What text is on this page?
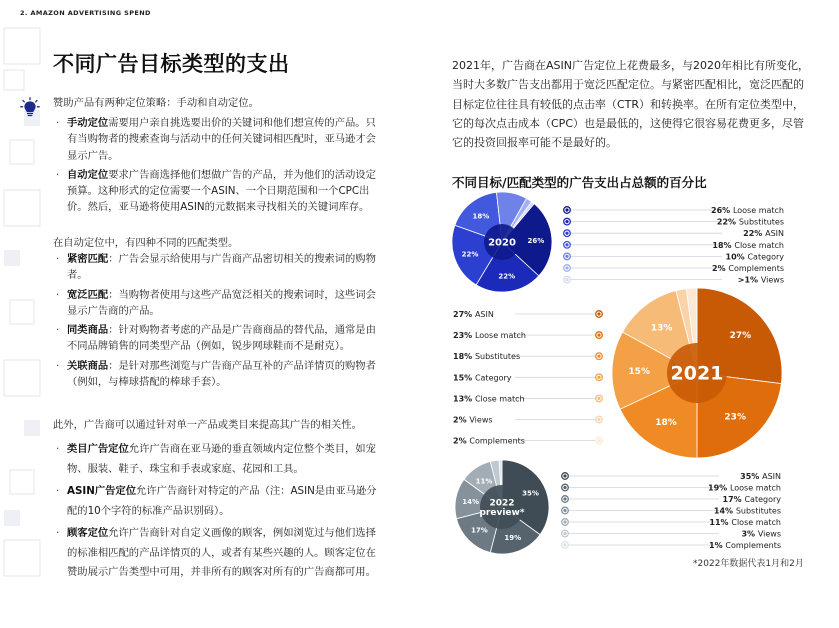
2. AMAZON ADVERTISING SPEND
不同广告目标类型的支出
赞助产品有两种定位策略：手动和自动定位。
· 手动定位需要用户亲自挑选要出价的关键词和他们想宣传的产品。只有当购物者的搜索查询与活动中的任何关键词相匹配时，亚马逊才会显示广告。
· 自动定位要求广告商选择他们想做广告的产品，并为他们的活动设定预算。这种形式的定位需要一个ASIN、一个日期范围和一个CPC出价。然后，亚马逊将使用ASIN的元数据来寻找相关的关键词库存。
在自动定位中，有四种不同的匹配类型。
· 紧密匹配：广告会显示给使用与广告商产品密切相关的搜索词的购物者。
· 宽泛匹配：当购物者使用与这些产品宽泛相关的搜索词时，这些词会显示广告商的产品。
· 同类商品：针对购物者考虑的产品是广告商商品的替代品，通常是由不同品牌销售的同类型产品（例如，锐步网球鞋而不是耐克）。
· 关联商品：是针对那些浏览与广告商产品互补的产品详情页的购物者（例如，与棒球搭配的棒球手套）。
此外，广告商可以通过针对单一产品或类目来提高其广告的相关性。
· 类目广告定位允许广告商在亚马逊的垂直领域内定位整个类目，如宠物、服装、鞋子、珠宝和手表或家庭、花园和工具。
· ASIN广告定位允许广告商针对特定的产品（注：ASIN是由亚马逊分配的10个字符的标准产品识别码）。
· 顾客定位允许广告商针对自定义画像的顾客，例如浏览过与他们选择的标准相匹配的产品详情页的人，或者有某些兴趣的人。顾客定位在赞助展示广告类型中可用，并非所有的顾客对所有的广告商都可用。
2021年，广告商在ASIN广告定位上花费最多，与2020年相比有所变化，当时大多数广告支出都用于宽泛匹配定位。与紧密匹配相比，宽泛匹配的目标定位往往具有较低的点击率（CTR）和转换率。在所有定位类型中，它的每次点击成本（CPC）也是最低的，这使得它很容易花费更多，尽管它的投资回报率可能不是最好的。
不同目标/匹配类型的广告支出占总额的百分比
26%
22%
22%
18%
2020
26% Loose match
22% Substitutes
22% ASIN
18% Close match
10% Category
2% Complements
>1% Views
27%
23%
18%
15%
13%
2021
27% ASIN
23% Loose match
18% Substitutes
15% Category
13% Close match
2% Views
2% Complements
35%
19%
17%
14%
11%
2022
preview*
35% ASIN
19% Loose match
17% Category
14% Substitutes
11% Close match
3% Views
1% Complements
*2022年数据代表1月和2月
